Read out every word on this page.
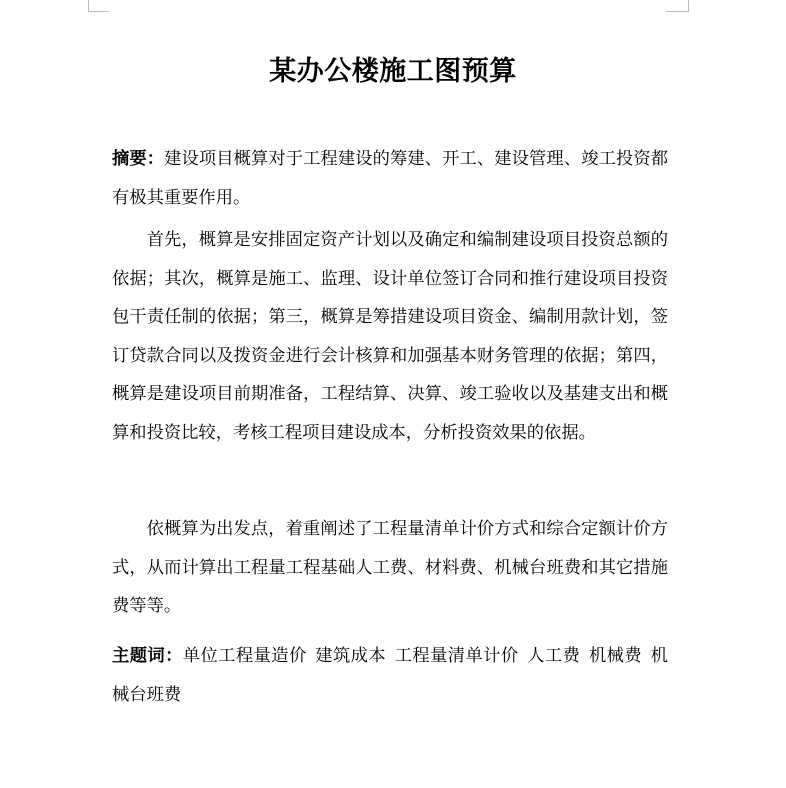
某办公楼施工图预算

摘要：建设项目概算对于工程建设的筹建、开工、建设管理、竣工投资都有极其重要作用。

首先，概算是安排固定资产计划以及确定和编制建设项目投资总额的依据；其次，概算是施工、监理、设计单位签订合同和推行建设项目投资包干责任制的依据；第三，概算是筹措建设项目资金、编制用款计划，签订贷款合同以及拨资金进行会计核算和加强基本财务管理的依据；第四，概算是建设项目前期准备，工程结算、决算、竣工验收以及基建支出和概算和投资比较，考核工程项目建设成本，分析投资效果的依据。

依概算为出发点，着重阐述了工程量清单计价方式和综合定额计价方式，从而计算出工程量工程基础人工费、材料费、机械台班费和其它措施费等等。

主题词：单位工程量造价 建筑成本 工程量清单计价 人工费 机械费 机械台班费
